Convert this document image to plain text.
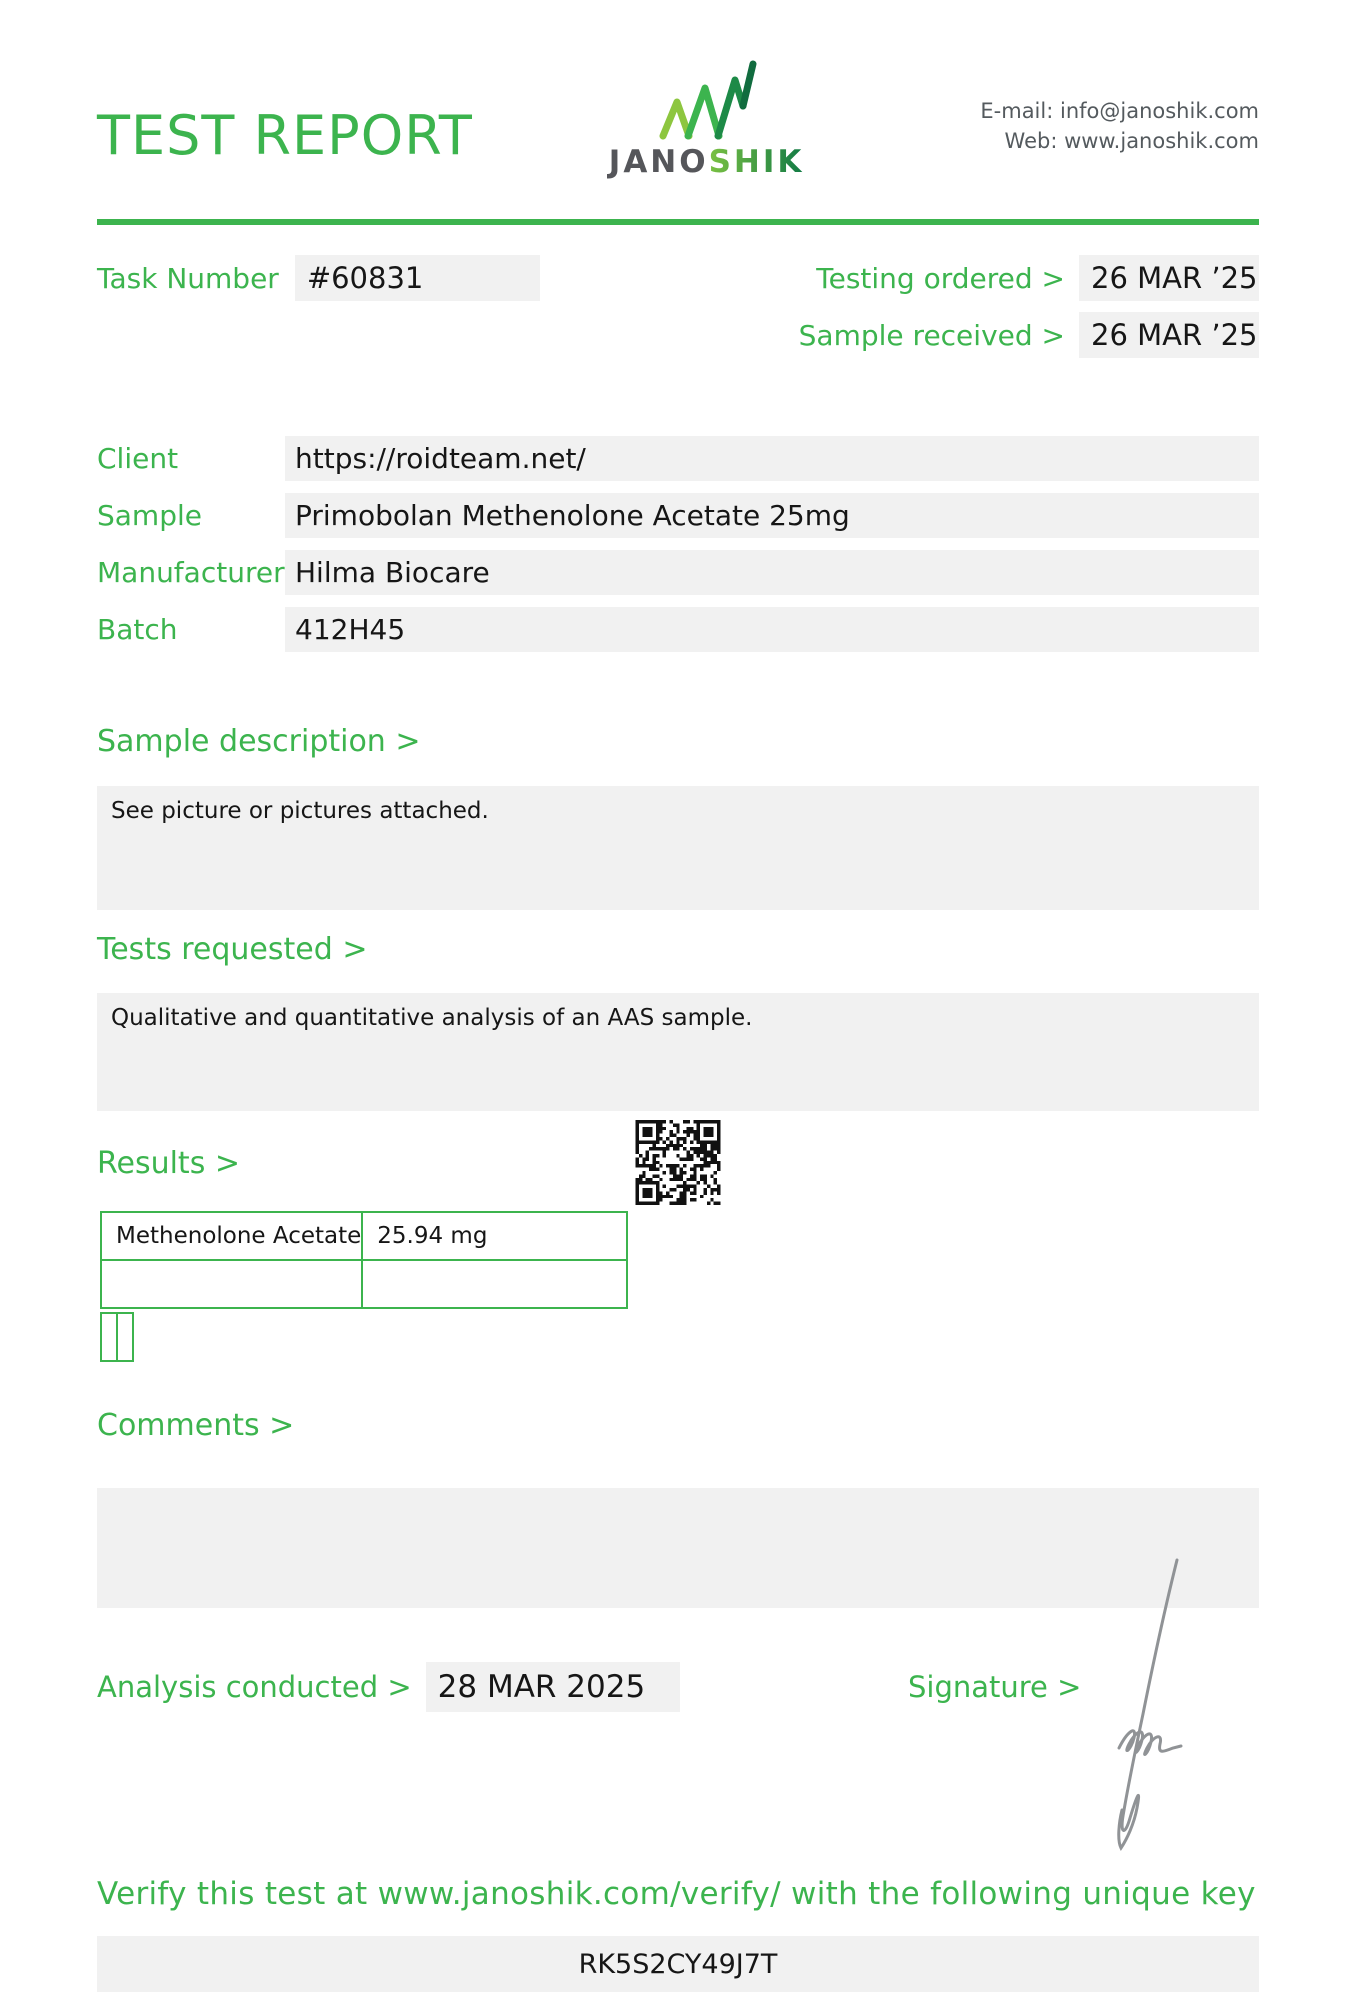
TEST REPORT	JANOSHIK
E-mail: info@janoshik.com
Web: www.janoshik.com
Task Number #60831	Testing ordered > 26 MAR ’25
Sample received > 26 MAR ’25
Client	https://roidteam.net/
Sample	Primobolan Methenolone Acetate 25mg
Manufacturer Hilma Biocare
Batch	412H45
Sample description >
See picture or pictures attached.
Tests requested >
Qualitative and quantitative analysis of an AAS sample.
Results >
Methenolone Acetate	25.94 mg

Comments >
Analysis conducted > 28 MAR 2025	Signature >
Verify this test at www.janoshik.com/verify/ with the following unique key
RK5S2CY49J7T
